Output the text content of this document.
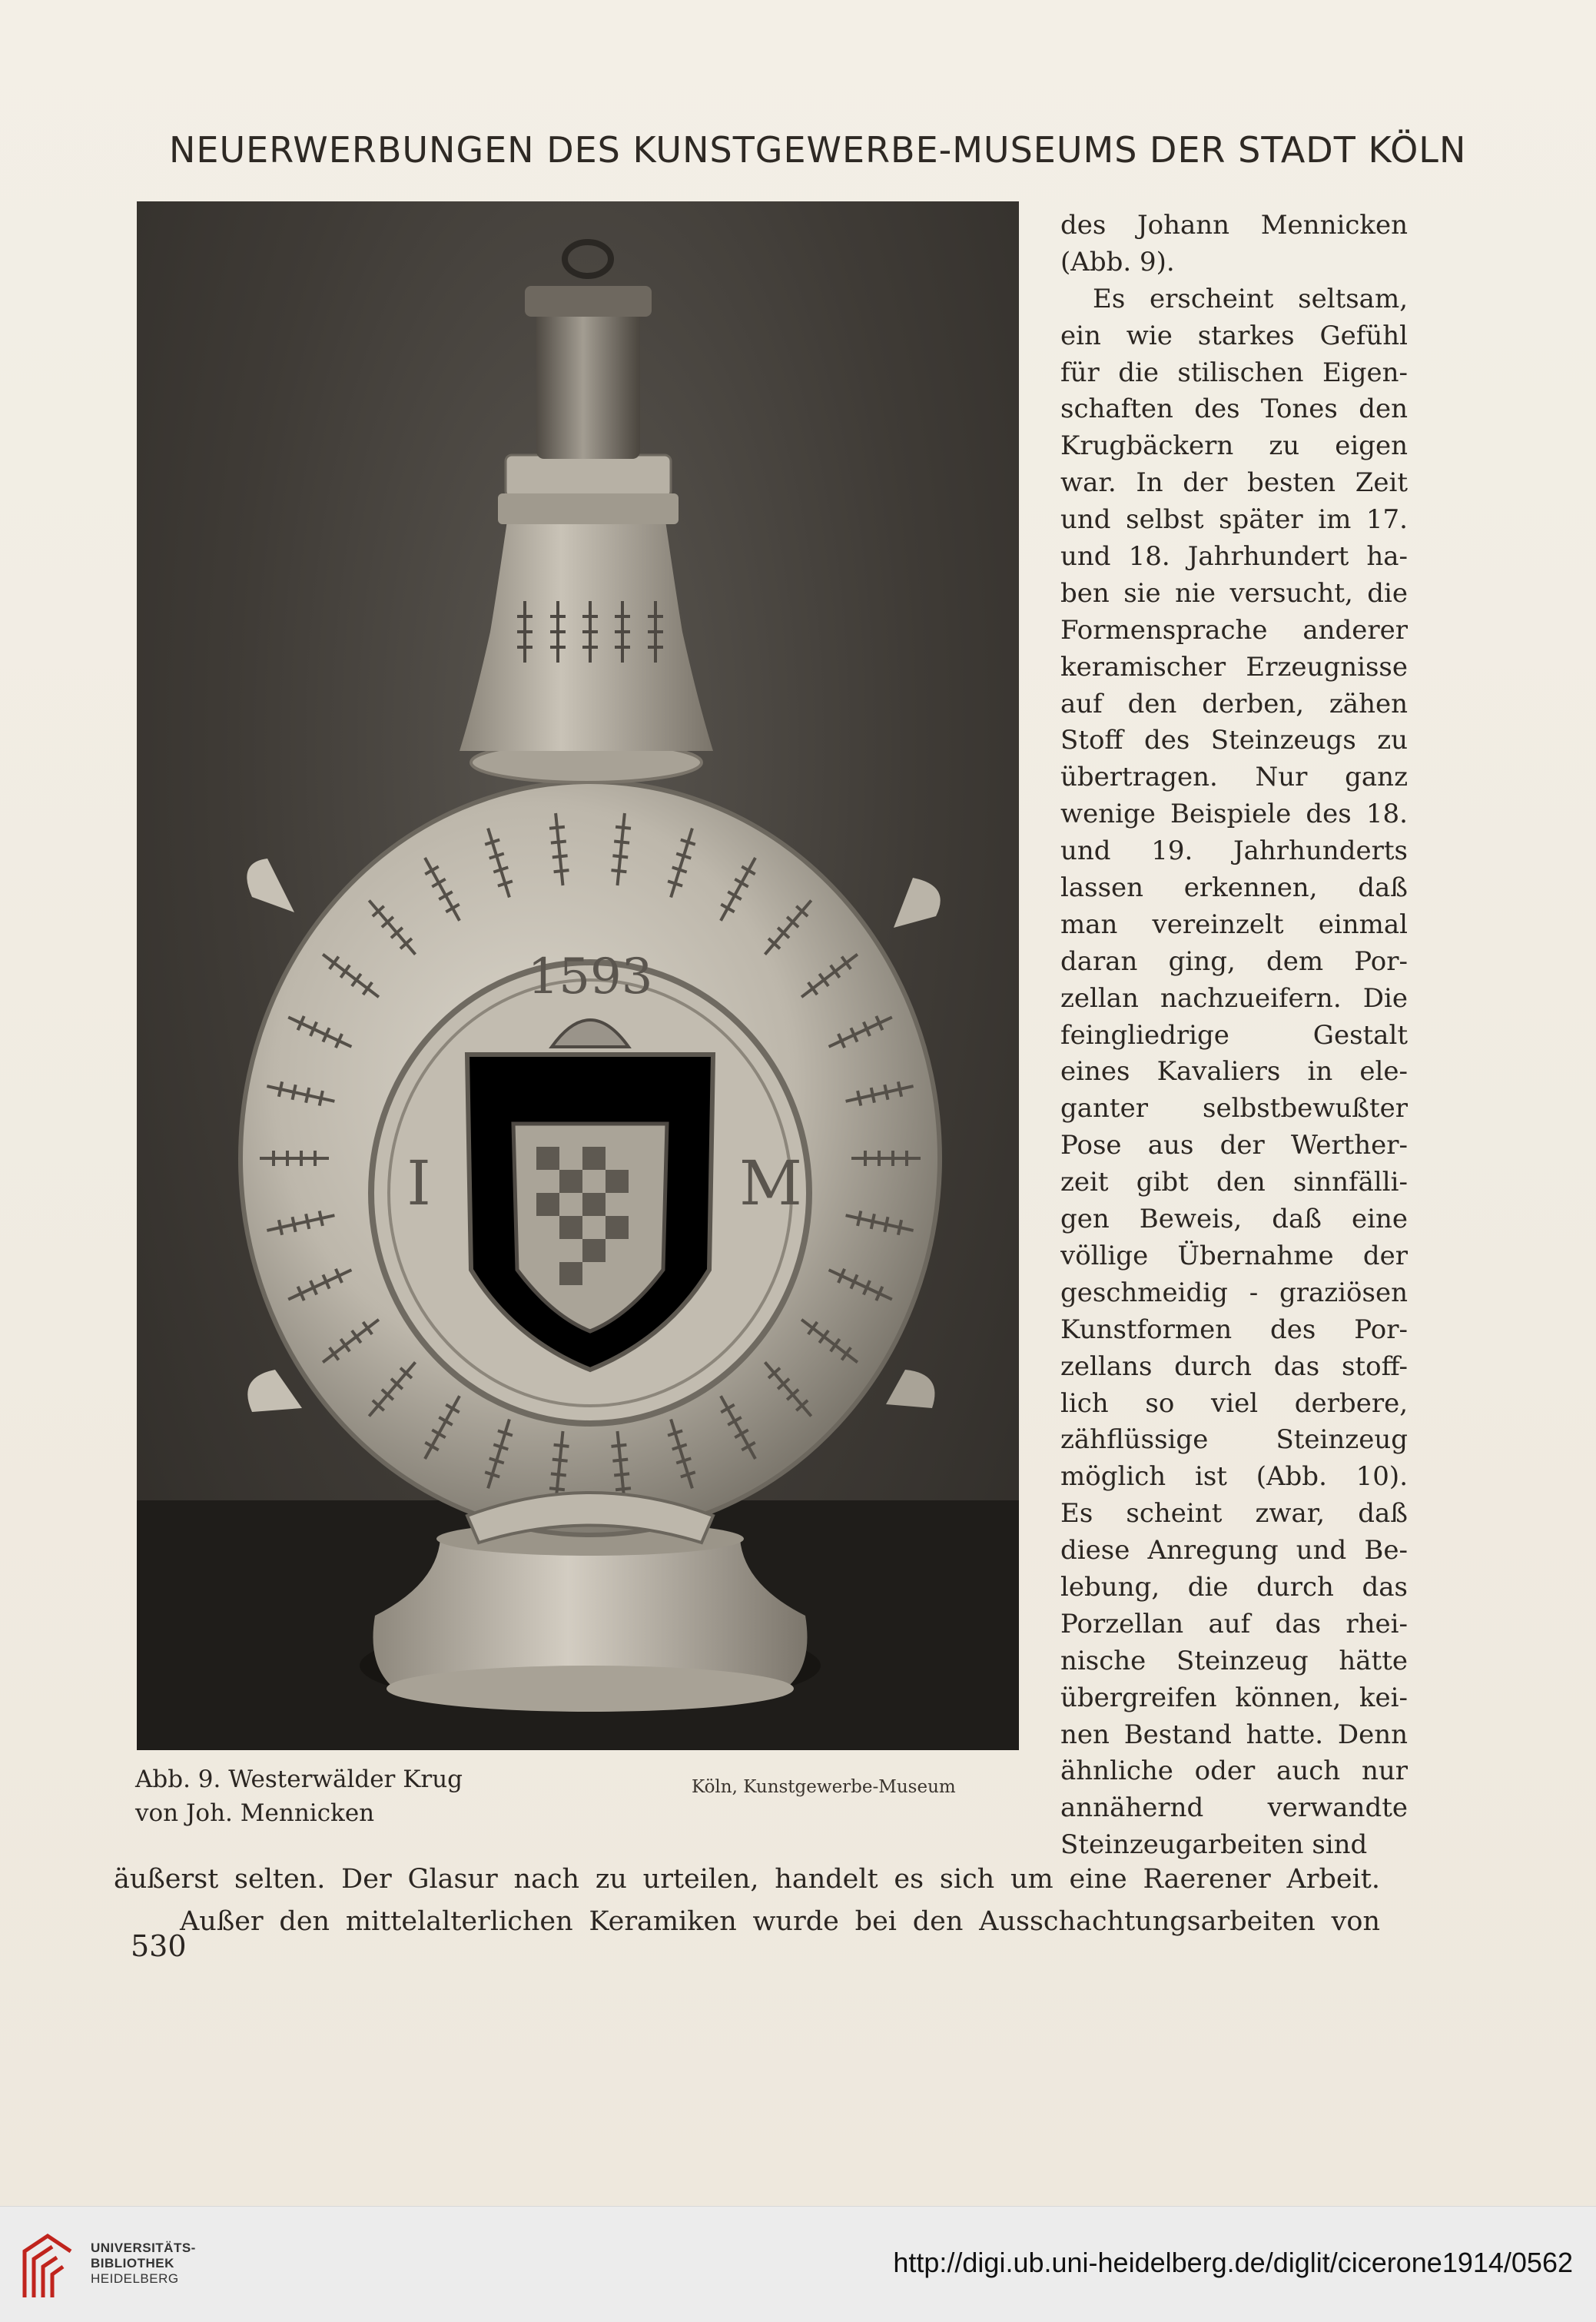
NEUERWERBUNGEN DES KUNSTGEWERBE-MUSEUMS DER STADT KÖLN
1593
I	M
des Johann Mennicken
(Abb. 9).
Es erscheint seltsam,
ein wie starkes Gefühl
für die stilischen Eigen-
schaften des Tones den
Krugbäckern zu eigen
war. In der besten Zeit
und selbst später im 17.
und 18. Jahrhundert ha-
ben sie nie versucht, die
Formensprache anderer
keramischer Erzeugnisse
auf den derben, zähen
Stoff des Steinzeugs zu
übertragen. Nur ganz
wenige Beispiele des 18.
und 19. Jahrhunderts
lassen erkennen, daß
man vereinzelt einmal
daran ging, dem Por-
zellan nachzueifern. Die
feingliedrige Gestalt
eines Kavaliers in ele-
ganter selbstbewußter
Pose aus der Werther-
zeit gibt den sinnfälli-
gen Beweis, daß eine
völlige Übernahme der
geschmeidig - graziösen
Kunstformen des Por-
zellans durch das stoff-
lich so viel derbere,
zähflüssige Steinzeug
möglich ist (Abb. 10).
Es scheint zwar, daß
diese Anregung und Be-
lebung, die durch das
Porzellan auf das rhei-
nische Steinzeug hätte
übergreifen können, kei-
nen Bestand hatte. Denn
ähnliche oder auch nur
annähernd verwandte
Steinzeugarbeiten sind
Abb. 9. Westerwälder Krug
von Joh. Mennicken
Köln, Kunstgewerbe-Museum
äußerst selten. Der Glasur nach zu urteilen, handelt es sich um eine Raerener Arbeit.
Außer den mittelalterlichen Keramiken wurde bei den Ausschachtungsarbeiten von
530
UNIVERSITÄTS-
BIBLIOTHEK
HEIDELBERG
http://digi.ub.uni-heidelberg.de/diglit/cicerone1914/0562
